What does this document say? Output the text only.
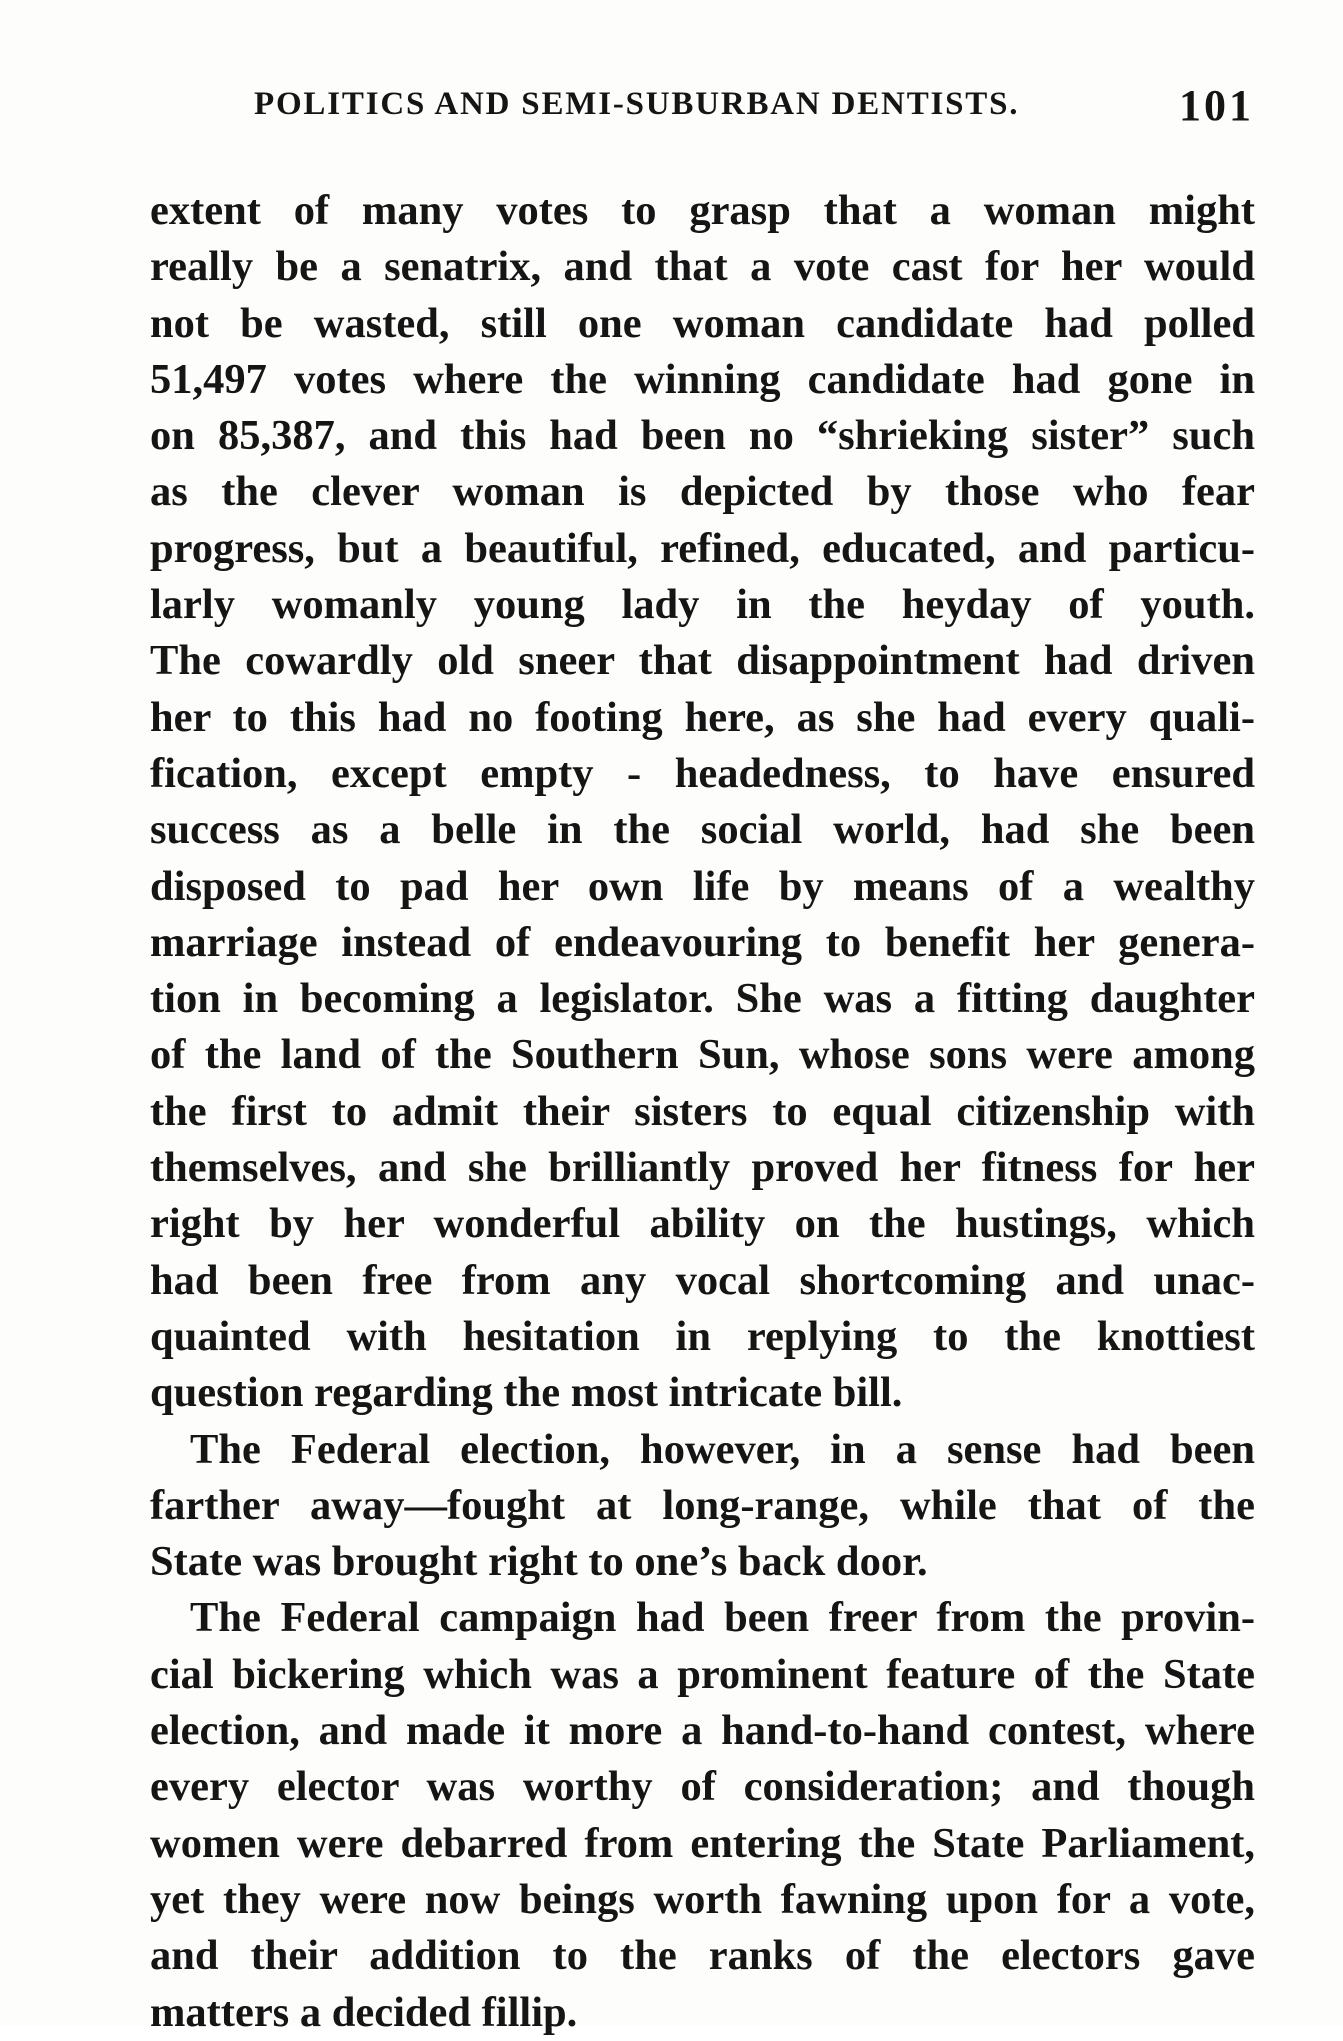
POLITICS AND SEMI-SUBURBAN DENTISTS.	101
extent of many votes to grasp that a woman might
really be a senatrix, and that a vote cast for her would
not be wasted, still one woman candidate had polled
51,497 votes where the winning candidate had gone in
on 85,387, and this had been no “shrieking sister” such
as the clever woman is depicted by those who fear
progress, but a beautiful, refined, educated, and particu-
larly womanly young lady in the heyday of youth.
The cowardly old sneer that disappointment had driven
her to this had no footing here, as she had every quali-
fication, except empty - headedness, to have ensured
success as a belle in the social world, had she been
disposed to pad her own life by means of a wealthy
marriage instead of endeavouring to benefit her genera-
tion in becoming a legislator. She was a fitting daughter
of the land of the Southern Sun, whose sons were among
the first to admit their sisters to equal citizenship with
themselves, and she brilliantly proved her fitness for her
right by her wonderful ability on the hustings, which
had been free from any vocal shortcoming and unac-
quainted with hesitation in replying to the knottiest
question regarding the most intricate bill.
The Federal election, however, in a sense had been
farther away—fought at long-range, while that of the
State was brought right to one’s back door.
The Federal campaign had been freer from the provin-
cial bickering which was a prominent feature of the State
election, and made it more a hand-to-hand contest, where
every elector was worthy of consideration; and though
women were debarred from entering the State Parliament,
yet they were now beings worth fawning upon for a vote,
and their addition to the ranks of the electors gave
matters a decided fillip.
